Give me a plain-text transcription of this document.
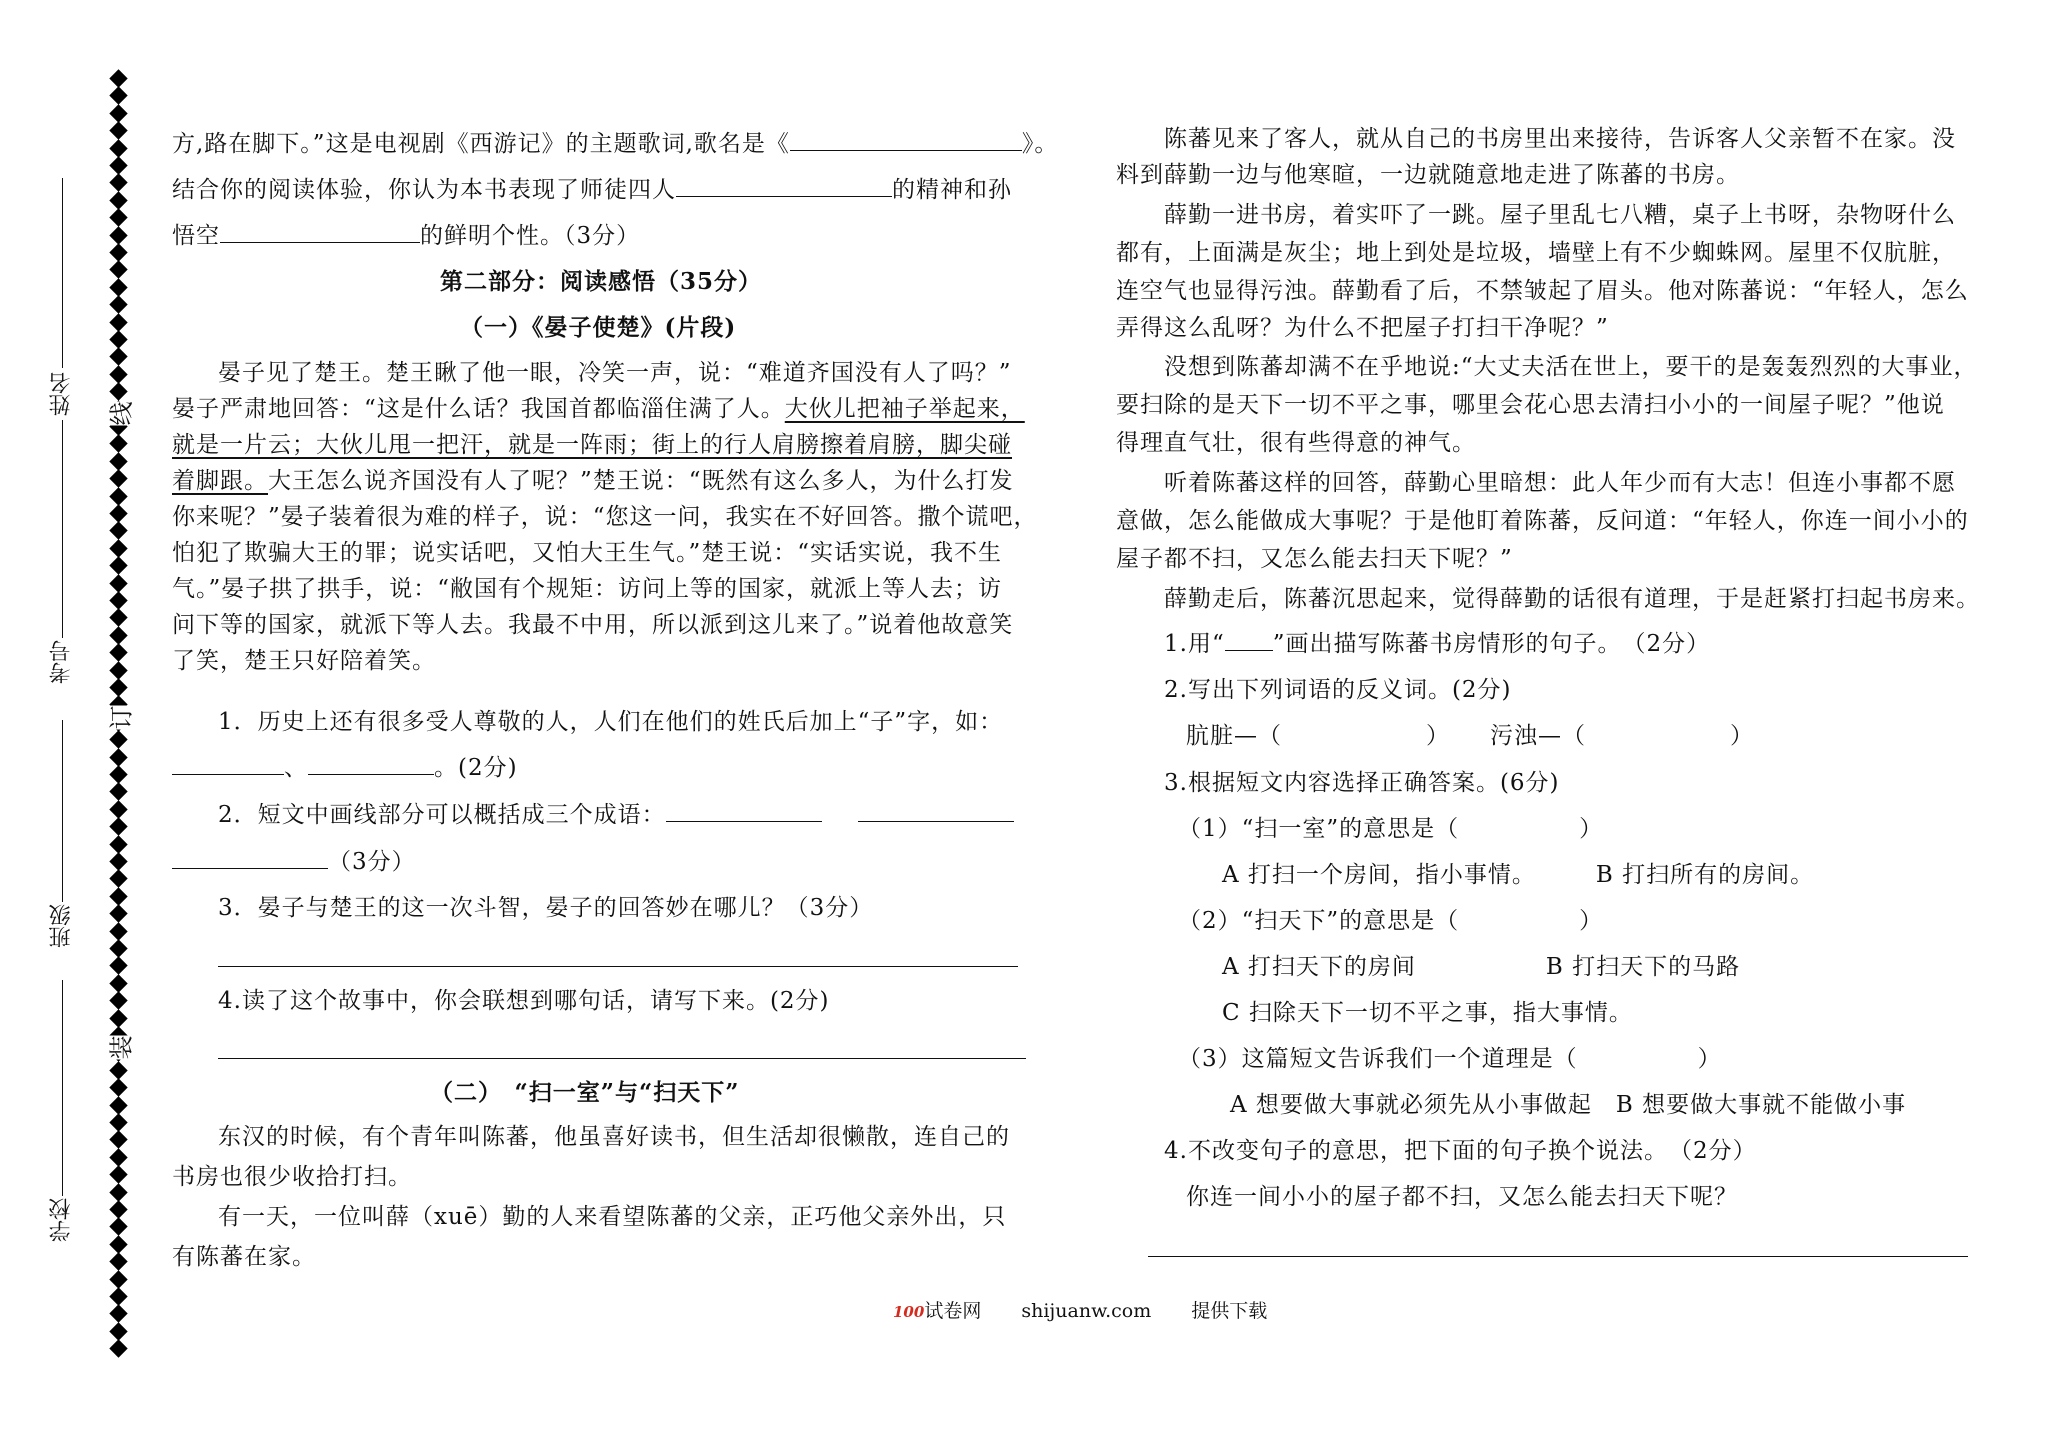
姓名
考号
班级
学校
线
订
装
方,路在脚下。”这是电视剧《西游记》的主题歌词,歌名是《	》。
结合你的阅读体验，你认为本书表现了师徒四人	的精神和孙
悟空	的鲜明个性。（3分）
第二部分：阅读感悟（35分）
（一）《晏子使楚》(片段)
晏子见了楚王。楚王瞅了他一眼，冷笑一声，说：“难道齐国没有人了吗？”
晏子严肃地回答：“这是什么话？我国首都临淄住满了人。大伙儿把袖子举起来，
就是一片云；大伙儿甩一把汗，就是一阵雨；街上的行人肩膀擦着肩膀，脚尖碰
着脚跟。大王怎么说齐国没有人了呢？”楚王说：“既然有这么多人，为什么打发
你来呢？”晏子装着很为难的样子，说：“您这一问，我实在不好回答。撒个谎吧，
怕犯了欺骗大王的罪；说实话吧，又怕大王生气。”楚王说：“实话实说，我不生
气。”晏子拱了拱手，说：“敝国有个规矩：访问上等的国家，就派上等人去；访
问下等的国家，就派下等人去。我最不中用，所以派到这儿来了。”说着他故意笑
了笑，楚王只好陪着笑。
1．历史上还有很多受人尊敬的人，人们在他们的姓氏后加上“子”字，如：
、	。(2分)
2．短文中画线部分可以概括成三个成语：
（3分）
3．晏子与楚王的这一次斗智，晏子的回答妙在哪儿？（3分）
4.读了这个故事中，你会联想到哪句话，请写下来。(2分)
（二）　“扫一室”与“扫天下”
东汉的时候，有个青年叫陈蕃，他虽喜好读书，但生活却很懒散，连自己的
书房也很少收拾打扫。
有一天，一位叫薛（xuē）勤的人来看望陈蕃的父亲，正巧他父亲外出，只
有陈蕃在家。
陈蕃见来了客人，就从自己的书房里出来接待，告诉客人父亲暂不在家。没
料到薛勤一边与他寒暄，一边就随意地走进了陈蕃的书房。
薛勤一进书房，着实吓了一跳。屋子里乱七八糟，桌子上书呀，杂物呀什么
都有，上面满是灰尘；地上到处是垃圾，墙壁上有不少蜘蛛网。屋里不仅肮脏，
连空气也显得污浊。薛勤看了后，不禁皱起了眉头。他对陈蕃说：“年轻人，怎么
弄得这么乱呀？为什么不把屋子打扫干净呢？”
没想到陈蕃却满不在乎地说:“大丈夫活在世上，要干的是轰轰烈烈的大事业，
要扫除的是天下一切不平之事，哪里会花心思去清扫小小的一间屋子呢？”他说
得理直气壮，很有些得意的神气。
听着陈蕃这样的回答，薛勤心里暗想：此人年少而有大志！但连小事都不愿
意做，怎么能做成大事呢？于是他盯着陈蕃，反问道：“年轻人，你连一间小小的
屋子都不扫，又怎么能去扫天下呢？”
薛勤走后，陈蕃沉思起来，觉得薛勤的话很有道理，于是赶紧打扫起书房来。
1.用“ ”画出描写陈蕃书房情形的句子。　（2分）
2.写出下列词语的反义词。(2分)
肮脏—（　　　　　　） 污浊—（　　　　　　）
3.根据短文内容选择正确答案。(6分)
（1）“扫一室”的意思是（　　　　　）
A 打扫一个房间，指小事情。	B 打扫所有的房间。
（2）“扫天下”的意思是（　　　　　）
A 打扫天下的房间	B 打扫天下的马路
C 扫除天下一切不平之事，指大事情。
（3）这篇短文告诉我们一个道理是（　　　　　）
A 想要做大事就必须先从小事做起　B 想要做大事就不能做小事
4.不改变句子的意思，把下面的句子换个说法。　（2分）
你连一间小小的屋子都不扫，又怎么能去扫天下呢？
100试卷网 shijuanw.com 提供下载
